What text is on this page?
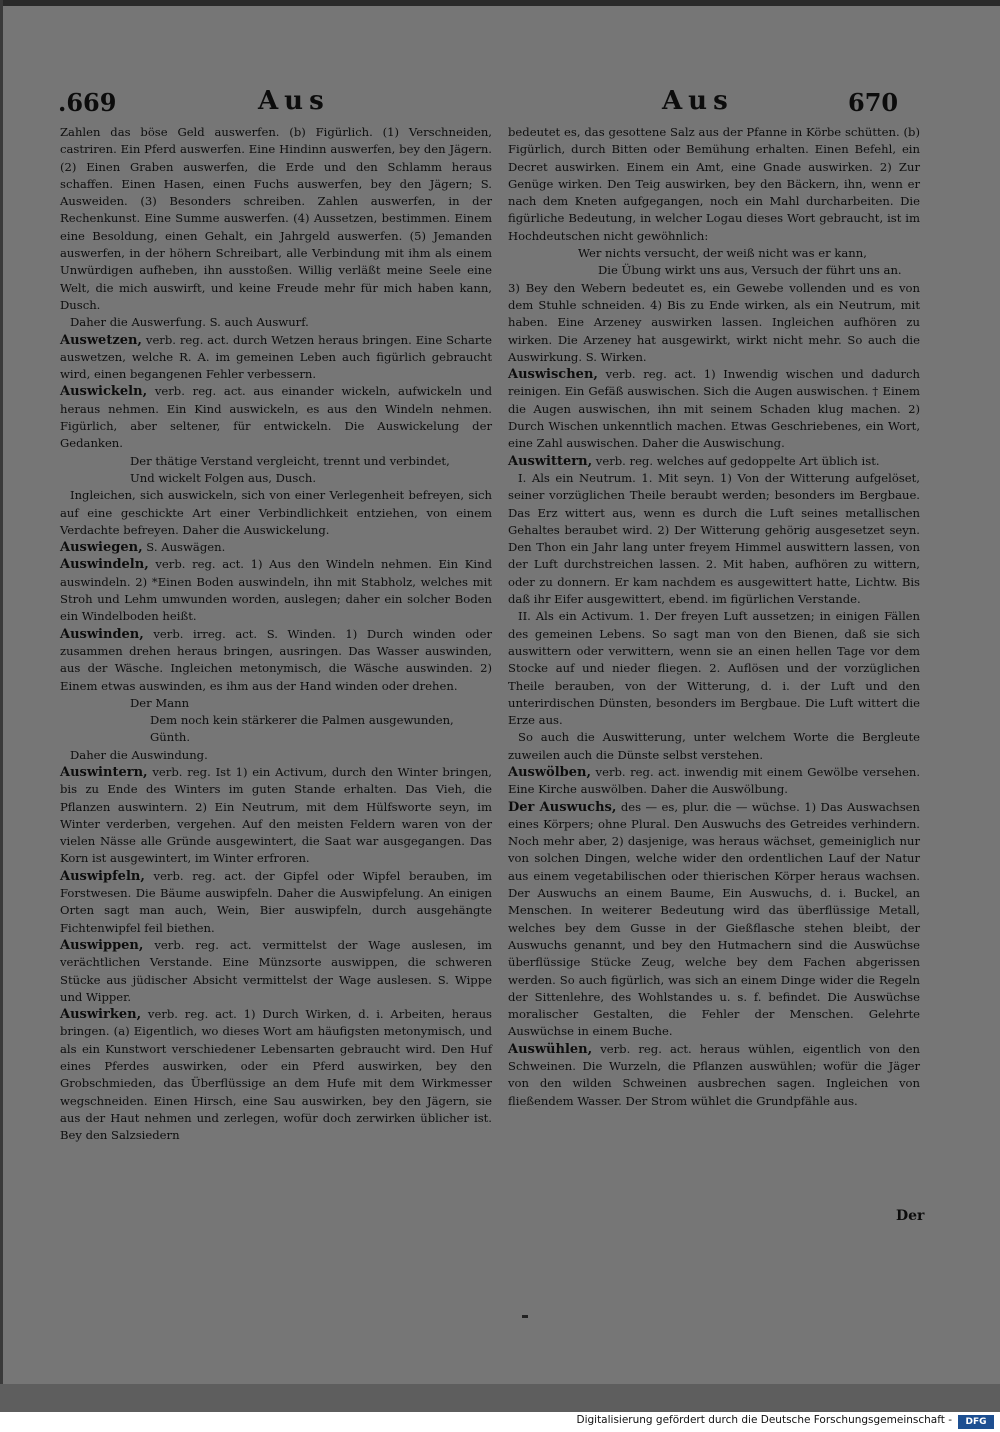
.669	Aus	Aus	670

Zahlen das böse Geld auswerfen. (b) Figürlich. (1) Verschneiden, castriren. Ein Pferd auswerfen. Eine Hindinn auswerfen, bey den Jägern. (2) Einen Graben auswerfen, die Erde und den Schlamm heraus schaffen. Einen Hasen, einen Fuchs auswerfen, bey den Jägern; S. Ausweiden. (3) Besonders schreiben. Zahlen auswerfen, in der Rechenkunst. Eine Summe auswerfen. (4) Aussetzen, bestimmen. Einem eine Besoldung, einen Gehalt, ein Jahrgeld auswerfen. (5) Jemanden auswerfen, in der höhern Schreibart, alle Verbindung mit ihm als einem Unwürdigen aufheben, ihn ausstoßen. Willig verläßt meine Seele eine Welt, die mich auswirft, und keine Freude mehr für mich haben kann, Dusch.

Daher die Auswerfung. S. auch Auswurf.

Auswetzen, verb. reg. act. durch Wetzen heraus bringen. Eine Scharte auswetzen, welche R. A. im gemeinen Leben auch figürlich gebraucht wird, einen begangenen Fehler verbessern.

Auswickeln, verb. reg. act. aus einander wickeln, aufwickeln und heraus nehmen. Ein Kind auswickeln, es aus den Windeln nehmen. Figürlich, aber seltener, für entwickeln. Die Auswickelung der Gedanken.

Der thätige Verstand vergleicht, trennt und verbindet,

Und wickelt Folgen aus, Dusch.

Ingleichen, sich auswickeln, sich von einer Verlegenheit befreyen, sich auf eine geschickte Art einer Verbindlichkeit entziehen, von einem Verdachte befreyen. Daher die Auswickelung.

Auswiegen, S. Auswägen.

Auswindeln, verb. reg. act. 1) Aus den Windeln nehmen. Ein Kind auswindeln. 2) *Einen Boden auswindeln, ihn mit Stabholz, welches mit Stroh und Lehm umwunden worden, auslegen; daher ein solcher Boden ein Windelboden heißt.

Auswinden, verb. irreg. act. S. Winden. 1) Durch winden oder zusammen drehen heraus bringen, ausringen. Das Wasser auswinden, aus der Wäsche. Ingleichen metonymisch, die Wäsche auswinden. 2) Einem etwas auswinden, es ihm aus der Hand winden oder drehen.

Der Mann

Dem noch kein stärkerer die Palmen ausgewunden, Günth.

Daher die Auswindung.

Auswintern, verb. reg. Ist 1) ein Activum, durch den Winter bringen, bis zu Ende des Winters im guten Stande erhalten. Das Vieh, die Pflanzen auswintern. 2) Ein Neutrum, mit dem Hülfsworte seyn, im Winter verderben, vergehen. Auf den meisten Feldern waren von der vielen Nässe alle Gründe ausgewintert, die Saat war ausgegangen. Das Korn ist ausgewintert, im Winter erfroren.

Auswipfeln, verb. reg. act. der Gipfel oder Wipfel berauben, im Forstwesen. Die Bäume auswipfeln. Daher die Auswipfelung. An einigen Orten sagt man auch, Wein, Bier auswipfeln, durch ausgehängte Fichtenwipfel feil biethen.

Auswippen, verb. reg. act. vermittelst der Wage auslesen, im verächtlichen Verstande. Eine Münzsorte auswippen, die schweren Stücke aus jüdischer Absicht vermittelst der Wage auslesen. S. Wippe und Wipper.

Auswirken, verb. reg. act. 1) Durch Wirken, d. i. Arbeiten, heraus bringen. (a) Eigentlich, wo dieses Wort am häufigsten metonymisch, und als ein Kunstwort verschiedener Lebensarten gebraucht wird. Den Huf eines Pferdes auswirken, oder ein Pferd auswirken, bey den Grobschmieden, das Überflüssige an dem Hufe mit dem Wirkmesser wegschneiden. Einen Hirsch, eine Sau auswirken, bey den Jägern, sie aus der Haut nehmen und zerlegen, wofür doch zerwirken üblicher ist. Bey den Salzsiedern

bedeutet es, das gesottene Salz aus der Pfanne in Körbe schütten. (b) Figürlich, durch Bitten oder Bemühung erhalten. Einen Befehl, ein Decret auswirken. Einem ein Amt, eine Gnade auswirken. 2) Zur Genüge wirken. Den Teig auswirken, bey den Bäckern, ihn, wenn er nach dem Kneten aufgegangen, noch ein Mahl durcharbeiten. Die figürliche Bedeutung, in welcher Logau dieses Wort gebraucht, ist im Hochdeutschen nicht gewöhnlich:

Wer nichts versucht, der weiß nicht was er kann,

Die Übung wirkt uns aus, Versuch der führt uns an.

3) Bey den Webern bedeutet es, ein Gewebe vollenden und es von dem Stuhle schneiden. 4) Bis zu Ende wirken, als ein Neutrum, mit haben. Eine Arzeney auswirken lassen. Ingleichen aufhören zu wirken. Die Arzeney hat ausgewirkt, wirkt nicht mehr. So auch die Auswirkung. S. Wirken.

Auswischen, verb. reg. act. 1) Inwendig wischen und dadurch reinigen. Ein Gefäß auswischen. Sich die Augen auswischen. † Einem die Augen auswischen, ihn mit seinem Schaden klug machen. 2) Durch Wischen unkenntlich machen. Etwas Geschriebenes, ein Wort, eine Zahl auswischen. Daher die Auswischung.

Auswittern, verb. reg. welches auf gedoppelte Art üblich ist.

I. Als ein Neutrum. 1. Mit seyn. 1) Von der Witterung aufgelöset, seiner vorzüglichen Theile beraubt werden; besonders im Bergbaue. Das Erz wittert aus, wenn es durch die Luft seines metallischen Gehaltes beraubet wird. 2) Der Witterung gehörig ausgesetzet seyn. Den Thon ein Jahr lang unter freyem Himmel auswittern lassen, von der Luft durchstreichen lassen. 2. Mit haben, aufhören zu wittern, oder zu donnern. Er kam nachdem es ausgewittert hatte, Lichtw. Bis daß ihr Eifer ausgewittert, ebend. im figürlichen Verstande.

II. Als ein Activum. 1. Der freyen Luft aussetzen; in einigen Fällen des gemeinen Lebens. So sagt man von den Bienen, daß sie sich auswittern oder verwittern, wenn sie an einen hellen Tage vor dem Stocke auf und nieder fliegen. 2. Auflösen und der vorzüglichen Theile berauben, von der Witterung, d. i. der Luft und den unterirdischen Dünsten, besonders im Bergbaue. Die Luft wittert die Erze aus.

So auch die Auswitterung, unter welchem Worte die Bergleute zuweilen auch die Dünste selbst verstehen.

Auswölben, verb. reg. act. inwendig mit einem Gewölbe versehen. Eine Kirche auswölben. Daher die Auswölbung.

Der Auswuchs, des — es, plur. die — wüchse. 1) Das Auswachsen eines Körpers; ohne Plural. Den Auswuchs des Getreides verhindern. Noch mehr aber, 2) dasjenige, was heraus wächset, gemeiniglich nur von solchen Dingen, welche wider den ordentlichen Lauf der Natur aus einem vegetabilischen oder thierischen Körper heraus wachsen. Der Auswuchs an einem Baume, Ein Auswuchs, d. i. Buckel, an Menschen. In weiterer Bedeutung wird das überflüssige Metall, welches bey dem Gusse in der Gießflasche stehen bleibt, der Auswuchs genannt, und bey den Hutmachern sind die Auswüchse überflüssige Stücke Zeug, welche bey dem Fachen abgerissen werden. So auch figürlich, was sich an einem Dinge wider die Regeln der Sittenlehre, des Wohlstandes u. s. f. befindet. Die Auswüchse moralischer Gestalten, die Fehler der Menschen. Gelehrte Auswüchse in einem Buche.

Auswühlen, verb. reg. act. heraus wühlen, eigentlich von den Schweinen. Die Wurzeln, die Pflanzen auswühlen; wofür die Jäger von den wilden Schweinen ausbrechen sagen. Ingleichen von fließendem Wasser. Der Strom wühlet die Grundpfähle aus.

Der
Digitalisierung gefördert durch die Deutsche Forschungsgemeinschaft -	DFG
